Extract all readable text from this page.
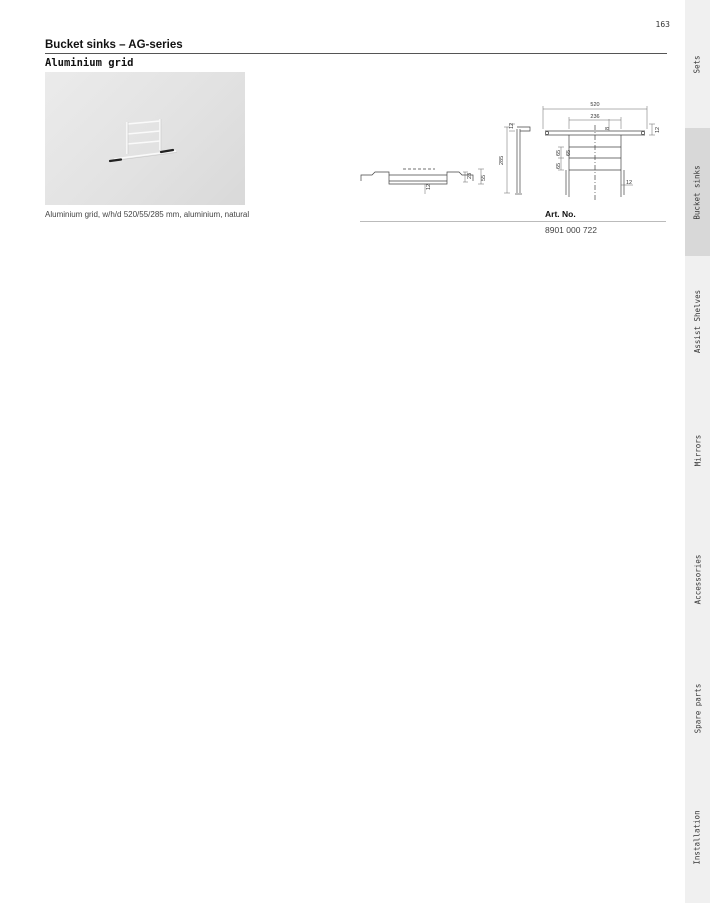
163
Bucket sinks – AG-series
Aluminium grid
Aluminium grid, w/h/d 520/55/285 mm, aluminium, natural
12
23 55
285
12
520
236
8	12
65 65
65
12
Art. No.
8901 000 722
Sets
Bucket sinks
Assist Shelves
Mirrors
Accessories
Spare parts
Installation
